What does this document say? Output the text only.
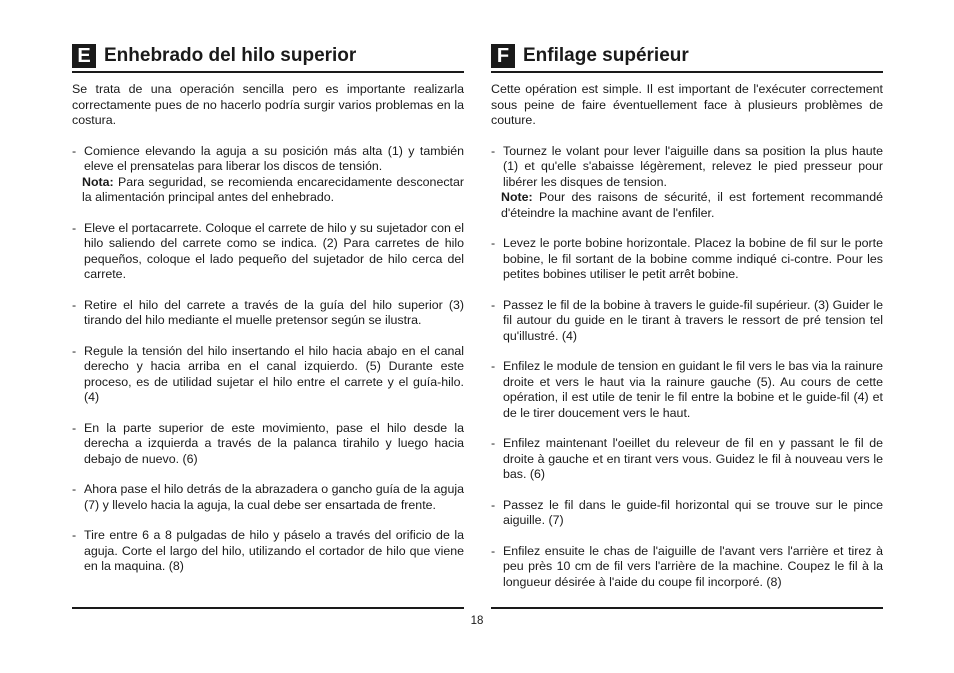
E Enhebrado del hilo superior
Se trata de una operación sencilla pero es importante realizarla correctamente pues de no hacerlo podría surgir varios problemas en la costura.
- Comience elevando la aguja a su posición más alta (1) y también eleve el prensatelas para liberar los discos de tensión.
Nota: Para seguridad, se recomienda encarecidamente desconectar la alimentación principal antes del enhebrado.
- Eleve el portacarrete. Coloque el carrete de hilo y su sujetador con el hilo saliendo del carrete como se indica. (2) Para carretes de hilo pequeños, coloque el lado pequeño del sujetador de hilo cerca del carrete.
- Retire el hilo del carrete a través de la guía del hilo superior (3) tirando del hilo mediante el muelle pretensor según se ilustra.
- Regule la tensión del hilo insertando el hilo hacia abajo en el canal derecho y hacia arriba en el canal izquierdo. (5) Durante este proceso, es de utilidad sujetar el hilo entre el carrete y el guía-hilo. (4)
- En la parte superior de este movimiento, pase el hilo desde la derecha a izquierda a través de la palanca tirahilo y luego hacia debajo de nuevo. (6)
- Ahora pase el hilo detrás de la abrazadera o gancho guía de la aguja (7) y llevelo hacia la aguja, la cual debe ser ensartada de frente.
- Tire entre 6 a 8 pulgadas de hilo y páselo a través del orificio de la aguja. Corte el largo del hilo, utilizando el cortador de hilo que viene en la maquina. (8)
F Enfilage supérieur
Cette opération est simple. Il est important de l'exécuter correctement sous peine de faire éventuellement face à plusieurs problèmes de couture.
- Tournez le volant pour lever l'aiguille dans sa position la plus haute (1) et qu'elle s'abaisse légèrement, relevez le pied presseur pour libérer les disques de tension.
Note: Pour des raisons de sécurité, il est fortement recommandé d'éteindre la machine avant de l'enfiler.
- Levez le porte bobine horizontale. Placez la bobine de fil sur le porte bobine, le fil sortant de la bobine comme indiqué ci-contre. Pour les petites bobines utiliser le petit arrêt bobine.
- Passez le fil de la bobine à travers le guide-fil supérieur. (3) Guider le fil autour du guide en le tirant à travers le ressort de pré tension tel qu'illustré. (4)
- Enfilez le module de tension en guidant le fil vers le bas via la rainure droite et vers le haut via la rainure gauche (5). Au cours de cette opération, il est utile de tenir le fil entre la bobine et le guide-fil (4) et de le tirer doucement vers le haut.
- Enfilez maintenant l'oeillet du releveur de fil en y passant le fil de droite à gauche et en tirant vers vous. Guidez le fil à nouveau vers le bas. (6)
- Passez le fil dans le guide-fil horizontal qui se trouve sur le pince aiguille. (7)
- Enfilez ensuite le chas de l'aiguille de l'avant vers l'arrière et tirez à peu près 10 cm de fil vers l'arrière de la machine. Coupez le fil à la longueur désirée à l'aide du coupe fil incorporé. (8)
18
